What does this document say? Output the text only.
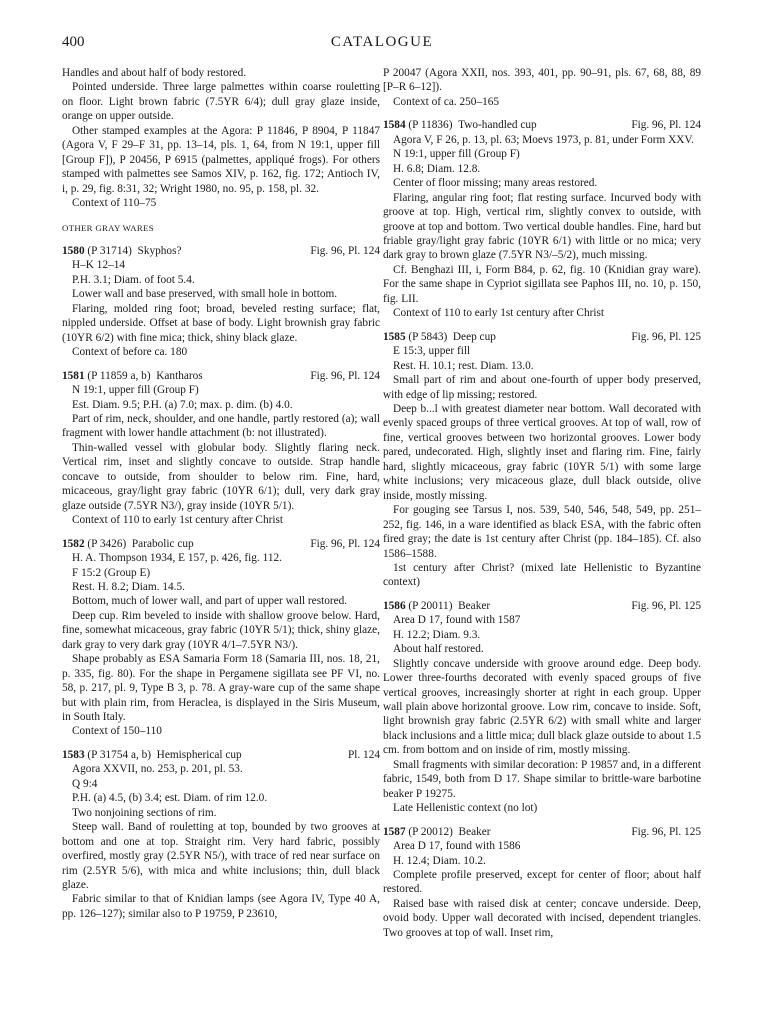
400	CATALOGUE

Handles and about half of body restored.

Pointed underside. Three large palmettes within coarse rouletting on floor. Light brown fabric (7.5YR 6/4); dull gray glaze inside, orange on upper outside.

Other stamped examples at the Agora: P 11846, P 8904, P 11847 (Agora V, F 29–F 31, pp. 13–14, pls. 1, 64, from N 19:1, upper fill [Group F]), P 20456, P 6915 (palmettes, appliqué frogs). For others stamped with palmettes see Samos XIV, p. 162, fig. 172; Antioch IV, i, p. 29, fig. 8:31, 32; Wright 1980, no. 95, p. 158, pl. 32.

Context of 110–75

OTHER GRAY WARES
1580 (P 31714)  Skyphos?	Fig. 96, Pl. 124

H–K 12–14

P.H. 3.1; Diam. of foot 5.4.

Lower wall and base preserved, with small hole in bottom.

Flaring, molded ring foot; broad, beveled resting surface; flat, nippled underside. Offset at base of body. Light brownish gray fabric (10YR 6/2) with fine mica; thick, shiny black glaze.

Context of before ca. 180

1581 (P 11859 a, b)  Kantharos	Fig. 96, Pl. 124

N 19:1, upper fill (Group F)

Est. Diam. 9.5; P.H. (a) 7.0; max. p. dim. (b) 4.0.

Part of rim, neck, shoulder, and one handle, partly restored (a); wall fragment with lower handle attachment (b: not illustrated).

Thin-walled vessel with globular body. Slightly flaring neck. Vertical rim, inset and slightly concave to outside. Strap handle concave to outside, from shoulder to below rim. Fine, hard, micaceous, gray/light gray fabric (10YR 6/1); dull, very dark gray glaze outside (7.5YR N3/), gray inside (10YR 5/1).

Context of 110 to early 1st century after Christ

1582 (P 3426)  Parabolic cup	Fig. 96, Pl. 124

H. A. Thompson 1934, E 157, p. 426, fig. 112.

F 15:2 (Group E)

Rest. H. 8.2; Diam. 14.5.

Bottom, much of lower wall, and part of upper wall restored.

Deep cup. Rim beveled to inside with shallow groove below. Hard, fine, somewhat micaceous, gray fabric (10YR 5/1); thick, shiny glaze, dark gray to very dark gray (10YR 4/1–7.5YR N3/).

Shape probably as ESA Samaria Form 18 (Samaria III, nos. 18, 21, p. 335, fig. 80). For the shape in Pergamene sigillata see PF VI, no. 58, p. 217, pl. 9, Type B 3, p. 78. A gray-ware cup of the same shape but with plain rim, from Heraclea, is displayed in the Siris Museum, in South Italy.

Context of 150–110

1583 (P 31754 a, b)  Hemispherical cup	Pl. 124

Agora XXVII, no. 253, p. 201, pl. 53.

Q 9:4

P.H. (a) 4.5, (b) 3.4; est. Diam. of rim 12.0.

Two nonjoining sections of rim.

Steep wall. Band of rouletting at top, bounded by two grooves at bottom and one at top. Straight rim. Very hard fabric, possibly overfired, mostly gray (2.5YR N5/), with trace of red near surface on rim (2.5YR 5/6), with mica and white inclusions; thin, dull black glaze.

Fabric similar to that of Knidian lamps (see Agora IV, Type 40 A, pp. 126–127); similar also to P 19759, P 23610,

P 20047 (Agora XXII, nos. 393, 401, pp. 90–91, pls. 67, 68, 88, 89 [P–R 6–12]).

Context of ca. 250–165

1584 (P 11836)  Two-handled cup	Fig. 96, Pl. 124

Agora V, F 26, p. 13, pl. 63; Moevs 1973, p. 81, under Form XXV.

N 19:1, upper fill (Group F)

H. 6.8; Diam. 12.8.

Center of floor missing; many areas restored.

Flaring, angular ring foot; flat resting surface. Incurved body with groove at top. High, vertical rim, slightly convex to outside, with groove at top and bottom. Two vertical double handles. Fine, hard but friable gray/light gray fabric (10YR 6/1) with little or no mica; very dark gray to brown glaze (7.5YR N3/–5/2), much missing.

Cf. Benghazi III, i, Form B84, p. 62, fig. 10 (Knidian gray ware). For the same shape in Cypriot sigillata see Paphos III, no. 10, p. 150, fig. LII.

Context of 110 to early 1st century after Christ

1585 (P 5843)  Deep cup	Fig. 96, Pl. 125

E 15:3, upper fill

Rest. H. 10.1; rest. Diam. 13.0.

Small part of rim and about one-fourth of upper body preserved, with edge of lip missing; restored.

Deep b...l with greatest diameter near bottom. Wall decorated with evenly spaced groups of three vertical grooves. At top of wall, row of fine, vertical grooves between two horizontal grooves. Lower body pared, undecorated. High, slightly inset and flaring rim. Fine, fairly hard, slightly micaceous, gray fabric (10YR 5/1) with some large white inclusions; very micaceous glaze, dull black outside, olive inside, mostly missing.

For gouging see Tarsus I, nos. 539, 540, 546, 548, 549, pp. 251–252, fig. 146, in a ware identified as black ESA, with the fabric often fired gray; the date is 1st century after Christ (pp. 184–185). Cf. also 1586–1588.

1st century after Christ? (mixed late Hellenistic to Byzantine context)

1586 (P 20011)  Beaker	Fig. 96, Pl. 125

Area D 17, found with 1587

H. 12.2; Diam. 9.3.

About half restored.

Slightly concave underside with groove around edge. Deep body. Lower three-fourths decorated with evenly spaced groups of five vertical grooves, increasingly shorter at right in each group. Upper wall plain above horizontal groove. Low rim, concave to inside. Soft, light brownish gray fabric (2.5YR 6/2) with small white and larger black inclusions and a little mica; dull black glaze outside to about 1.5 cm. from bottom and on inside of rim, mostly missing.

Small fragments with similar decoration: P 19857 and, in a different fabric, 1549, both from D 17. Shape similar to brittle-ware barbotine beaker P 19275.

Late Hellenistic context (no lot)

1587 (P 20012)  Beaker	Fig. 96, Pl. 125

Area D 17, found with 1586

H. 12.4; Diam. 10.2.

Complete profile preserved, except for center of floor; about half restored.

Raised base with raised disk at center; concave underside. Deep, ovoid body. Upper wall decorated with incised, dependent triangles. Two grooves at top of wall. Inset rim,
